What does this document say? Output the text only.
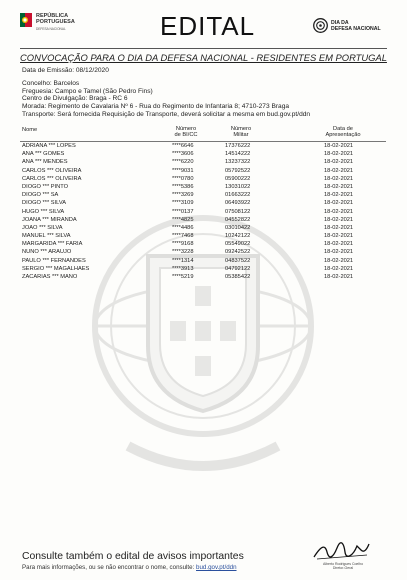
REPÚBLICA
PORTUGUESA
DEFESA NACIONAL	EDITAL	DIA DA
DEFESA NACIONAL
CONVOCAÇÃO PARA O DIA DA DEFESA NACIONAL - RESIDENTES EM PORTUGAL
Data de Emissão: 08/12/2020
Concelho: Barcelos
Freguesia: Campo e Tamel (São Pedro Fins)
Centro de Divulgação: Braga - RC 6
Morada: Regimento de Cavalaria Nº 6 - Rua do Regimento de Infantaria 8; 4710-273 Braga
Transporte: Será fornecida Requisição de Transporte, deverá solicitar a mesma em bud.gov.pt/ddn
Nome	Número
de BI/CC
Número
Militar
Data de
Apresentação
ADRIANA *** LOPES	****6646	17376222	18-02-2021
ANA *** GOMES	****3606	14514222	18-02-2021
ANA *** MENDES	****6220	13237322	18-02-2021
CARLOS *** OLIVEIRA	****9031	05792522	18-02-2021
CARLOS *** OLIVEIRA	****0780	05900222	18-02-2021
DIOGO *** PINTO	****5386	13031022	18-02-2021
DIOGO *** SA	****3269	01663222	18-02-2021
DIOGO *** SILVA	****3109	06493922	18-02-2021
HUGO *** SILVA	****0137	07508122	18-02-2021
JOANA *** MIRANDA	****4825	04552822	18-02-2021
JOAO *** SILVA	****4486	03010422	18-02-2021
MANUEL *** SILVA	****7468	10242122	18-02-2021
MARGARIDA *** FARIA	****9168	05549022	18-02-2021
NUNO *** ARAUJO	****3228	09242522	18-02-2021
PAULO *** FERNANDES	****1314	04837522	18-02-2021
SERGIO *** MAGALHAES	****3913	04792122	18-02-2021
ZACARIAS *** MANO	****5219	05385422	18-02-2021
Consulte também o edital de avisos importantes
Para mais informações, ou se não encontrar o nome, consulte: bud.gov.pt/ddn	Alberto Rodrigues Coelho
Diretor-Geral
